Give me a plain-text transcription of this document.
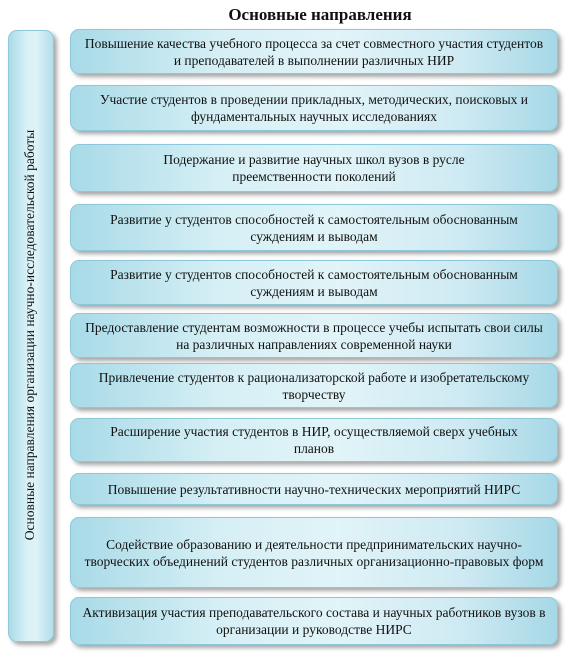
Основные направления
Основные направления организации научно-исследовательской работы
Повышение качества учебного процесса за счет совместного участия студентов и преподавателей в выполнении различных НИР
Участие студентов в проведении прикладных, методических, поисковых и фундаментальных научных исследованиях
Подержание и развитие научных школ вузов в русле преемственности поколений
Развитие у студентов способностей к самостоятельным обоснованным суждениям и выводам
Развитие у студентов способностей к самостоятельным обоснованным суждениям и выводам
Предоставление студентам возможности в процессе учебы испытать свои силы на различных направлениях современной науки
Привлечение студентов к рационализаторской работе и изобретательскому творчеству
Расширение участия студентов в НИР, осуществляемой сверх учебных планов
Повышение результативности научно-технических мероприятий НИРС
Содействие образованию и деятельности предпринимательских научно-творческих объединений студентов различных организационно-правовых форм
Активизация участия преподавательского состава и научных работников вузов в организации и руководстве НИРС
